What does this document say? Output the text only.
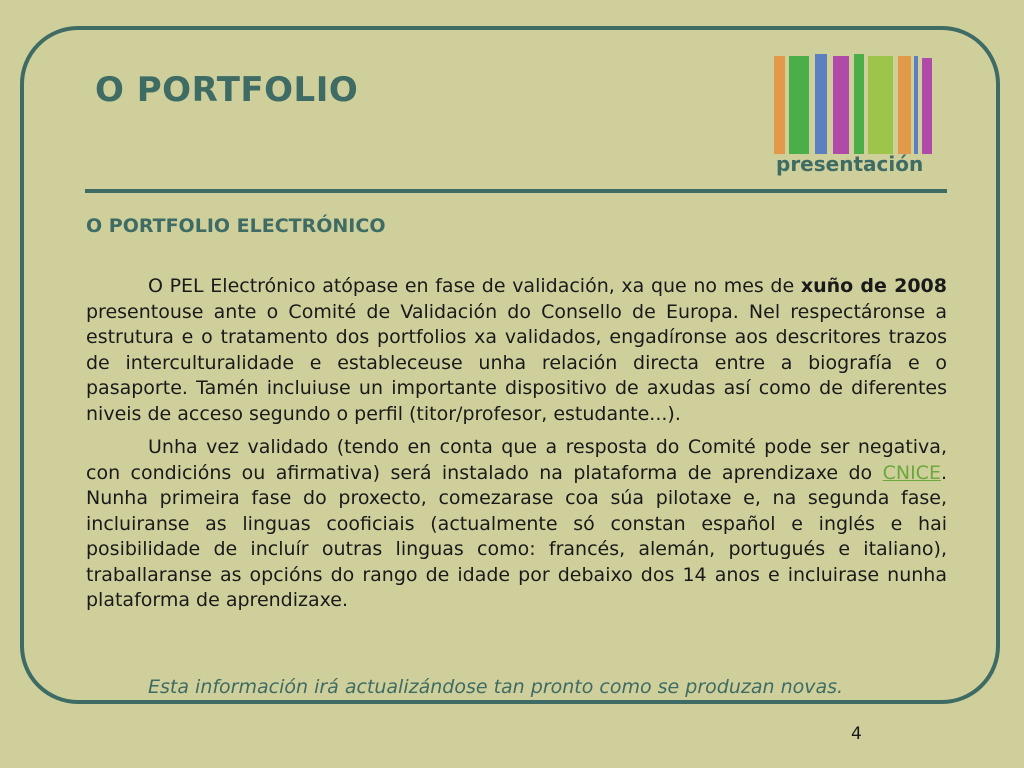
O PORTFOLIO
presentación
O PORTFOLIO ELECTRÓNICO

O PEL Electrónico atópase en fase de validación, xa que no mes de xuño de 2008 presentouse ante o Comité de Validación do Consello de Europa. Nel respectáronse a estrutura e o tratamento dos portfolios xa validados, engadíronse aos descritores trazos de interculturalidade e estableceuse unha relación directa entre a biografía e o pasaporte. Tamén incluiuse un importante dispositivo de axudas así como de diferentes niveis de acceso segundo o perfil (titor/profesor, estudante...).

Unha vez validado (tendo en conta que a resposta do Comité pode ser negativa, con condicións ou afirmativa) será instalado na plataforma de aprendizaxe do CNICE. Nunha primeira fase do proxecto, comezarase coa súa pilotaxe e, na segunda fase, incluiranse as linguas cooficiais (actualmente só constan español e inglés e hai posibilidade de incluír outras linguas como: francés, alemán, portugués e italiano), traballaranse as opcións do rango de idade por debaixo dos 14 anos e incluirase nunha plataforma de aprendizaxe.

Esta información irá actualizándose tan pronto como se produzan novas.
4
